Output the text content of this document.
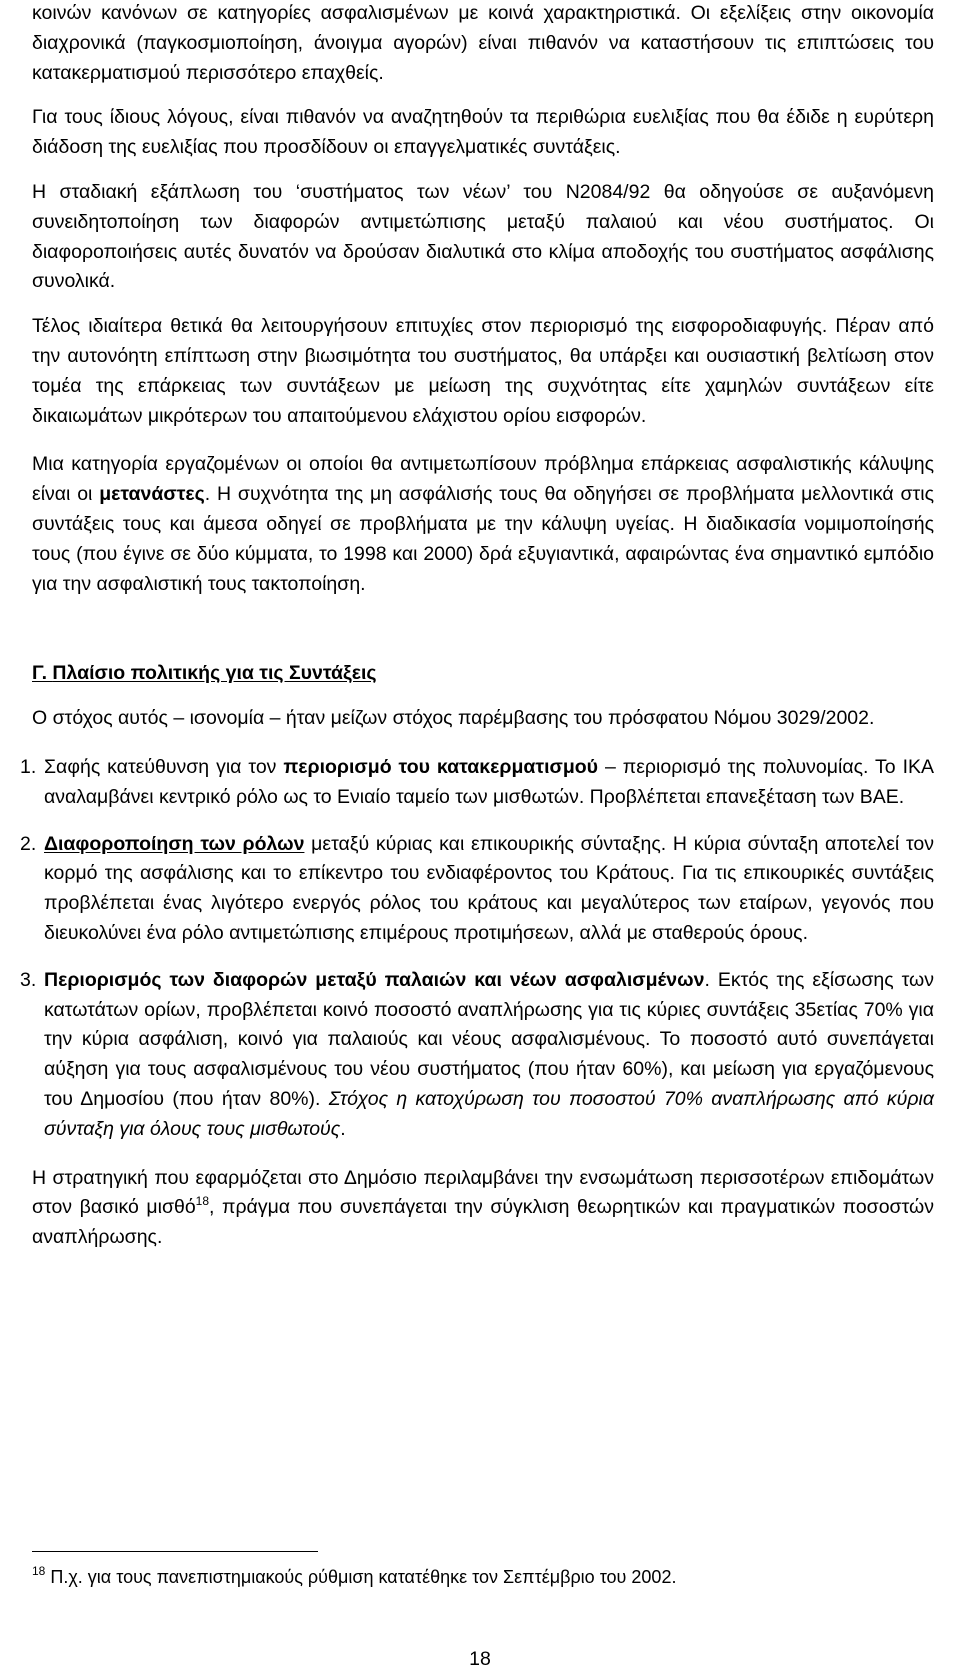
κοινών κανόνων σε κατηγορίες ασφαλισμένων με κοινά χαρακτηριστικά. Οι εξελίξεις στην οικονομία διαχρονικά (παγκοσμιοποίηση, άνοιγμα αγορών) είναι πιθανόν να καταστήσουν τις επιπτώσεις του κατακερματισμού περισσότερο επαχθείς.

Για τους ίδιους λόγους, είναι πιθανόν να αναζητηθούν τα περιθώρια ευελιξίας που θα έδιδε η ευρύτερη διάδοση της ευελιξίας που προσδίδουν οι επαγγελματικές συντάξεις.

Η σταδιακή εξάπλωση του ‘συστήματος των νέων’ του Ν2084/92 θα οδηγούσε σε αυξανόμενη συνειδητοποίηση των διαφορών αντιμετώπισης μεταξύ παλαιού και νέου συστήματος. Οι διαφοροποιήσεις αυτές δυνατόν να δρούσαν διαλυτικά στο κλίμα αποδοχής του συστήματος ασφάλισης συνολικά.

Τέλος ιδιαίτερα θετικά θα λειτουργήσουν επιτυχίες στον περιορισμό της εισφοροδιαφυγής. Πέραν από την αυτονόητη επίπτωση στην βιωσιμότητα του συστήματος, θα υπάρξει και ουσιαστική βελτίωση στον τομέα της επάρκειας των συντάξεων με μείωση της συχνότητας είτε χαμηλών συντάξεων είτε δικαιωμάτων μικρότερων του απαιτούμενου ελάχιστου ορίου εισφορών.

Μια κατηγορία εργαζομένων οι οποίοι θα αντιμετωπίσουν πρόβλημα επάρκειας ασφαλιστικής κάλυψης είναι οι μετανάστες. Η συχνότητα της μη ασφάλισής τους θα οδηγήσει σε προβλήματα μελλοντικά στις συντάξεις τους και άμεσα οδηγεί σε προβλήματα με την κάλυψη υγείας. Η διαδικασία νομιμοποίησής τους (που έγινε σε δύο κύμματα, το 1998 και 2000) δρά εξυγιαντικά, αφαιρώντας ένα σημαντικό εμπόδιο για την ασφαλιστική τους τακτοποίηση.

Γ. Πλαίσιο πολιτικής για τις Συντάξεις

Ο στόχος αυτός – ισονομία – ήταν μείζων στόχος παρέμβασης του πρόσφατου Νόμου 3029/2002.

1. Σαφής κατεύθυνση για τον περιορισμό του κατακερματισμού – περιορισμό της πολυνομίας. Το ΙΚΑ αναλαμβάνει κεντρικό ρόλο ως το Ενιαίο ταμείο των μισθωτών. Προβλέπεται επανεξέταση των ΒΑΕ.
2. Διαφοροποίηση των ρόλων μεταξύ κύριας και επικουρικής σύνταξης. Η κύρια σύνταξη αποτελεί τον κορμό της ασφάλισης και το επίκεντρο του ενδιαφέροντος του Κράτους. Για τις επικουρικές συντάξεις προβλέπεται ένας λιγότερο ενεργός ρόλος του κράτους και μεγαλύτερος των εταίρων, γεγονός που διευκολύνει ένα ρόλο αντιμετώπισης επιμέρους προτιμήσεων, αλλά με σταθερούς όρους.
3. Περιορισμός των διαφορών μεταξύ παλαιών και νέων ασφαλισμένων. Εκτός της εξίσωσης των κατωτάτων ορίων, προβλέπεται κοινό ποσοστό αναπλήρωσης για τις κύριες συντάξεις 35ετίας 70% για την κύρια ασφάλιση, κοινό για παλαιούς και νέους ασφαλισμένους. Το ποσοστό αυτό συνεπάγεται αύξηση για τους ασφαλισμένους του νέου συστήματος (που ήταν 60%), και μείωση για εργαζόμενους του Δημοσίου (που ήταν 80%). Στόχος η κατοχύρωση του ποσοστού 70% αναπλήρωσης από κύρια σύνταξη για όλους τους μισθωτούς.

Η στρατηγική που εφαρμόζεται στο Δημόσιο περιλαμβάνει την ενσωμάτωση περισσοτέρων επιδομάτων στον βασικό μισθό$^{18}$, πράγμα που συνεπάγεται την σύγκλιση θεωρητικών και πραγματικών ποσοστών αναπλήρωσης.

$^{18}$ Π.χ. για τους πανεπιστημιακούς ρύθμιση κατατέθηκε τον Σεπτέμβριο του 2002.
18
